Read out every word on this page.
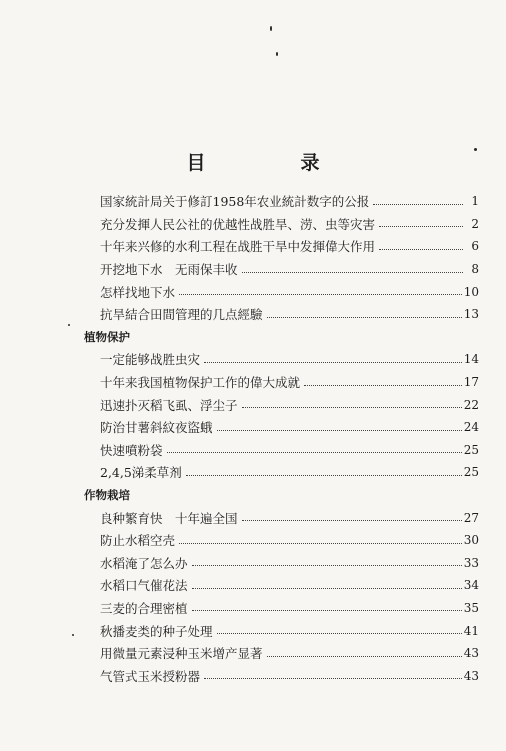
目　录
国家統計局关于修訂1958年农业統計数字的公报	1
充分发揮人民公社的优越性战胜旱、涝、虫等灾害	2
十年来兴修的水利工程在战胜干旱中发揮偉大作用	6
开挖地下水　无雨保丰收	8
怎样找地下水	10
抗旱結合田間管理的几点經驗	13
植物保护
一定能够战胜虫灾	14
十年来我国植物保护工作的偉大成就	17
迅速扑灭稻飞虱、浮尘子	22
防治甘薯斜紋夜盜蛾	24
快速噴粉袋	25
2,4,5涕柔草剂	25
作物栽培
良种繁育快　十年遍全国	27
防止水稻空壳	30
水稻淹了怎么办	33
水稻口气催花法	34
三麦的合理密植	35
秋播麦类的种子处理	41
用微量元素浸种玉米增产显著	43
气管式玉米授粉器	43
